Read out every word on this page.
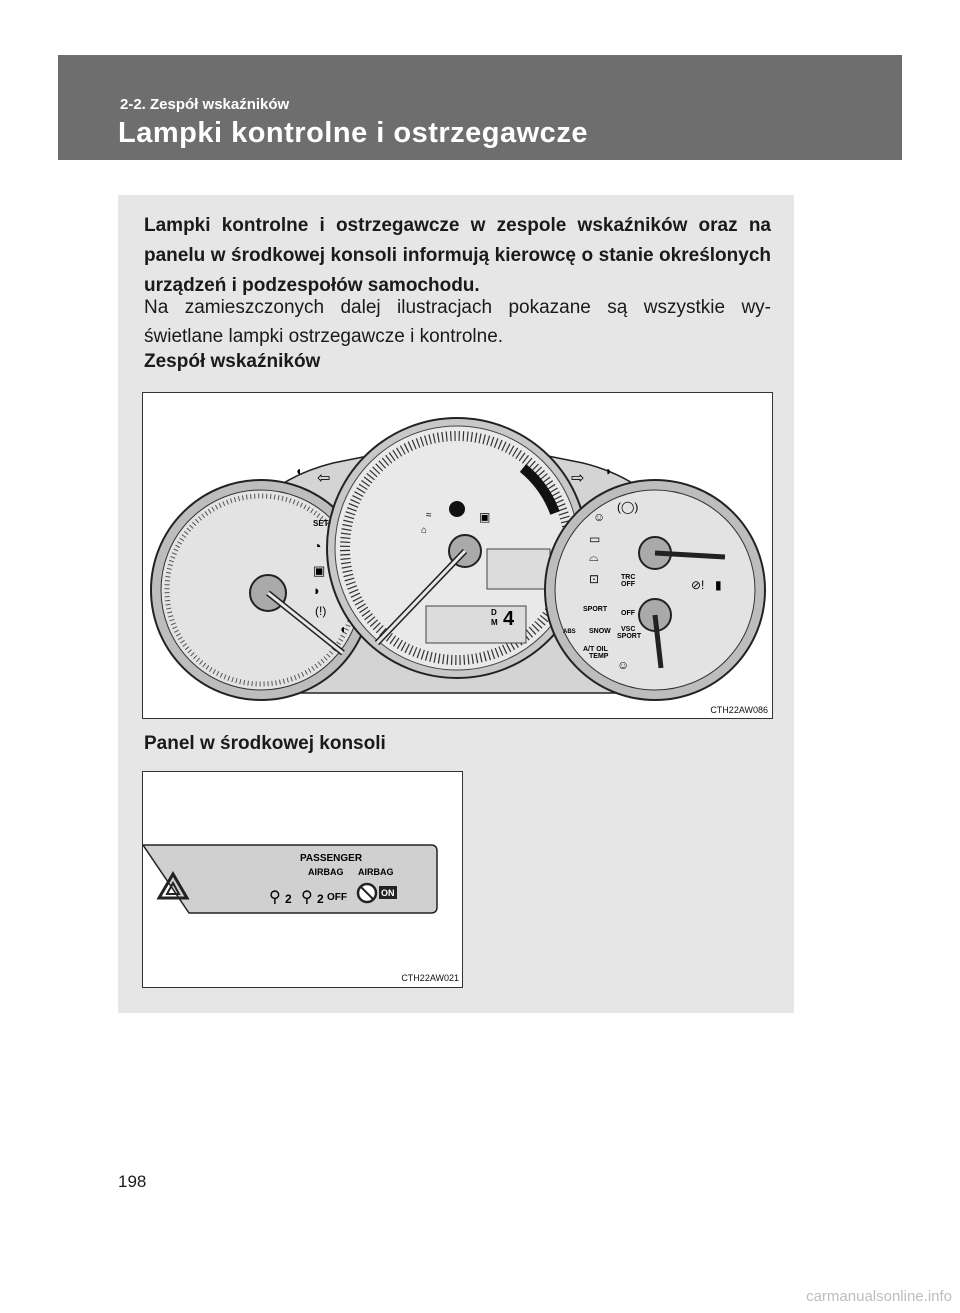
2-2. Zespół wskaźników
Lampki kontrolne i ostrzegawcze

Lampki kontrolne i ostrzegawcze w zespole wskaźników oraz na panelu w środkowej konsoli informują kierowcę o stanie określonych urządzeń i podzespołów samochodu.

Na zamieszczonych dalej ilustracjach pokazane są wszystkie wy-świetlane lampki ostrzegawcze i kontrolne.

Zespół wskaźników
SET
◔
▣
◗
(!)
◖
⇦
◖
⌂
▣
≈
D
M 4
⇨ ◗
☺
(◯)
▭
⌓
⊡	TRC
OFF
OFF
SPORT
SNOW
ABS	VSC
SPORT
A/T OIL
TEMP
☺
⊘! ▮
CTH22AW086
Panel w środkowej konsoli
PASSENGER
AIRBAG AIRBAG
⚲ 2 ⚲ 2 OFF	ON
CTH22AW021
198
carmanualsonline.info
